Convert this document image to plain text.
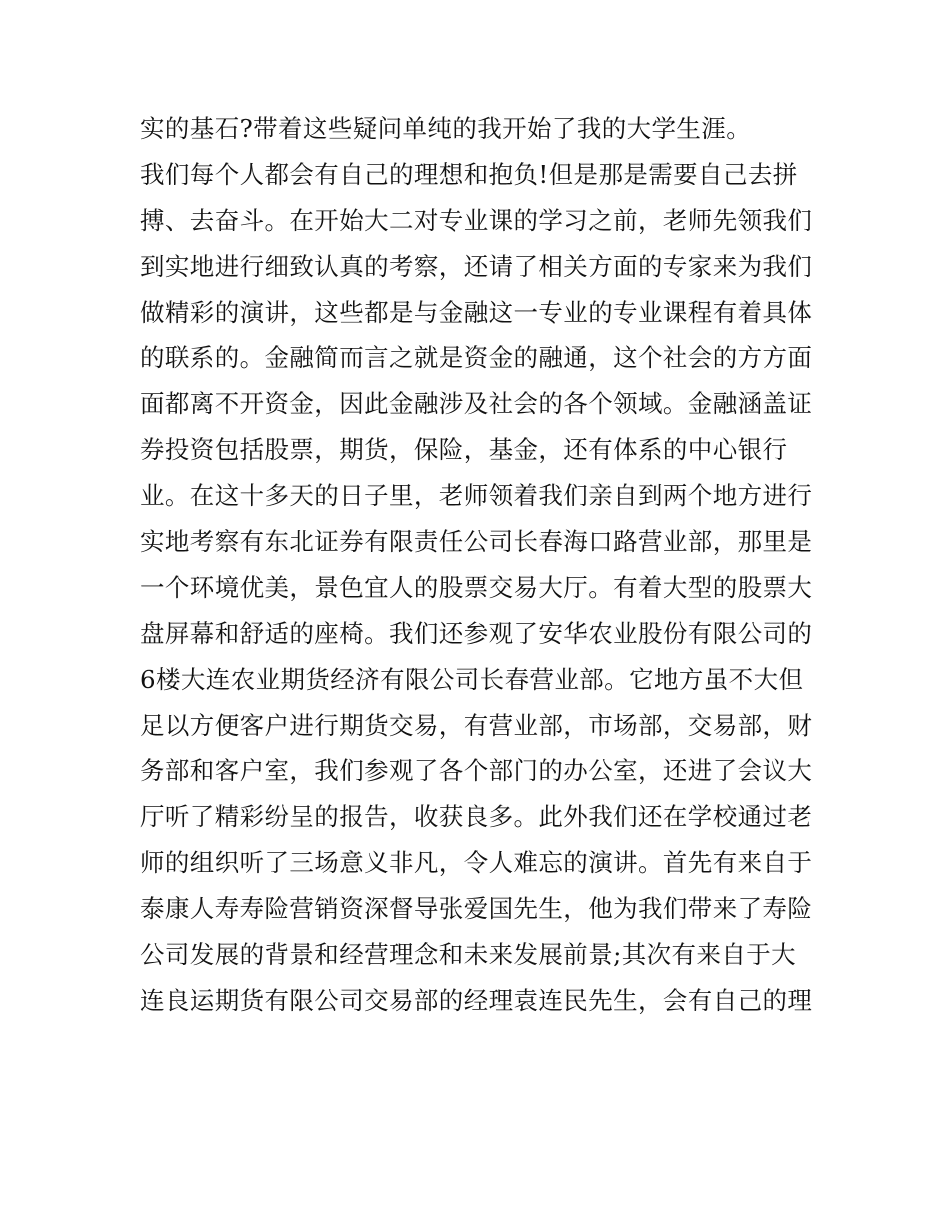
实的基石?带着这些疑问单纯的我开始了我的大学生涯。
我们每个人都会有自己的理想和抱负!但是那是需要自己去拼
搏、去奋斗。在开始大二对专业课的学习之前，老师先领我们
到实地进行细致认真的考察，还请了相关方面的专家来为我们
做精彩的演讲，这些都是与金融这一专业的专业课程有着具体
的联系的。金融简而言之就是资金的融通，这个社会的方方面
面都离不开资金，因此金融涉及社会的各个领域。金融涵盖证
券投资包括股票，期货，保险，基金，还有体系的中心银行
业。在这十多天的日子里，老师领着我们亲自到两个地方进行
实地考察有东北证券有限责任公司长春海口路营业部，那里是
一个环境优美，景色宜人的股票交易大厅。有着大型的股票大
盘屏幕和舒适的座椅。我们还参观了安华农业股份有限公司的
6楼大连农业期货经济有限公司长春营业部。它地方虽不大但
足以方便客户进行期货交易，有营业部，市场部，交易部，财
务部和客户室，我们参观了各个部门的办公室，还进了会议大
厅听了精彩纷呈的报告，收获良多。此外我们还在学校通过老
师的组织听了三场意义非凡，令人难忘的演讲。首先有来自于
泰康人寿寿险营销资深督导张爱国先生，他为我们带来了寿险
公司发展的背景和经营理念和未来发展前景;其次有来自于大
连良运期货有限公司交易部的经理袁连民先生，会有自己的理
